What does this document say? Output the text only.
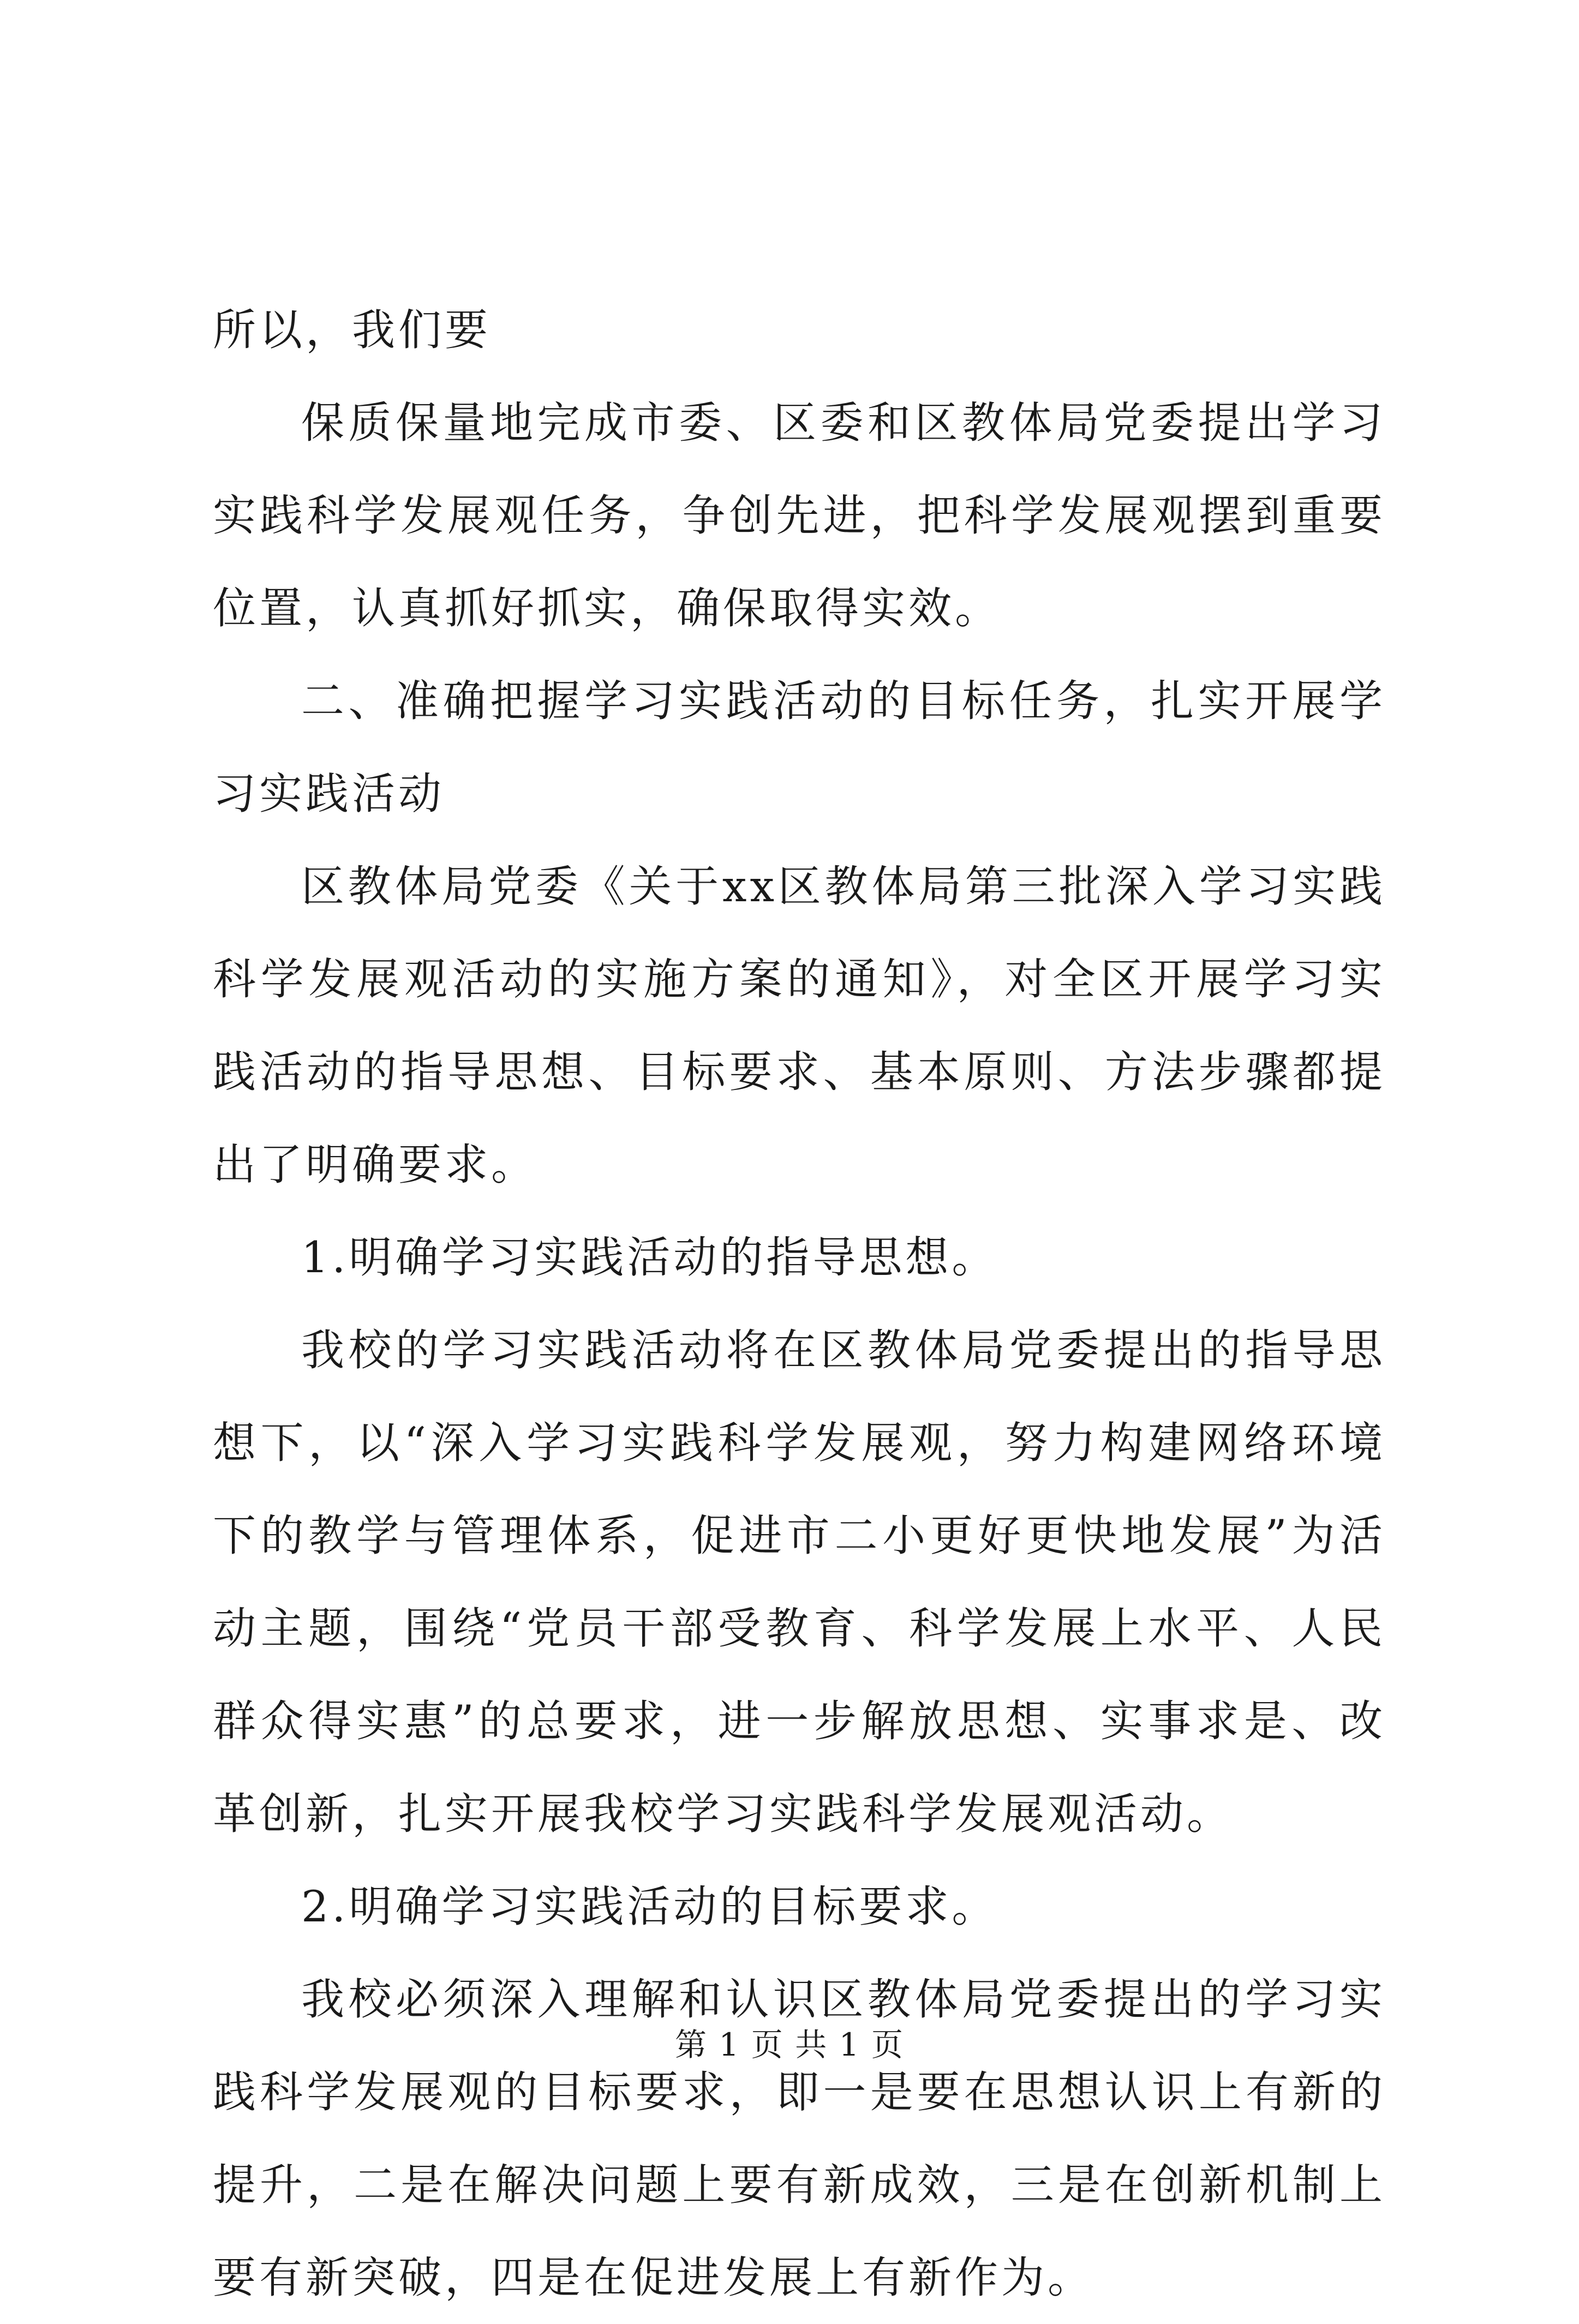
所以，我们要

保质保量地完成市委、区委和区教体局党委提出学习实践科学发展观任务，争创先进，把科学发展观摆到重要位置，认真抓好抓实，确保取得实效。

二、准确把握学习实践活动的目标任务，扎实开展学习实践活动

区教体局党委《关于xx区教体局第三批深入学习实践科学发展观活动的实施方案的通知》，对全区开展学习实践活动的指导思想、目标要求、基本原则、方法步骤都提出了明确要求。

1.明确学习实践活动的指导思想。

我校的学习实践活动将在区教体局党委提出的指导思想下，以“深入学习实践科学发展观，努力构建网络环境下的教学与管理体系，促进市二小更好更快地发展”为活动主题，围绕“党员干部受教育、科学发展上水平、人民群众得实惠”的总要求，进一步解放思想、实事求是、改革创新，扎实开展我校学习实践科学发展观活动。

2.明确学习实践活动的目标要求。

我校必须深入理解和认识区教体局党委提出的学习实践科学发展观的目标要求，即一是要在思想认识上有新的提升，二是在解决问题上要有新成效，三是在创新机制上要有新突破，四是在促进发展上有新作为。

第 1 页 共 1 页
